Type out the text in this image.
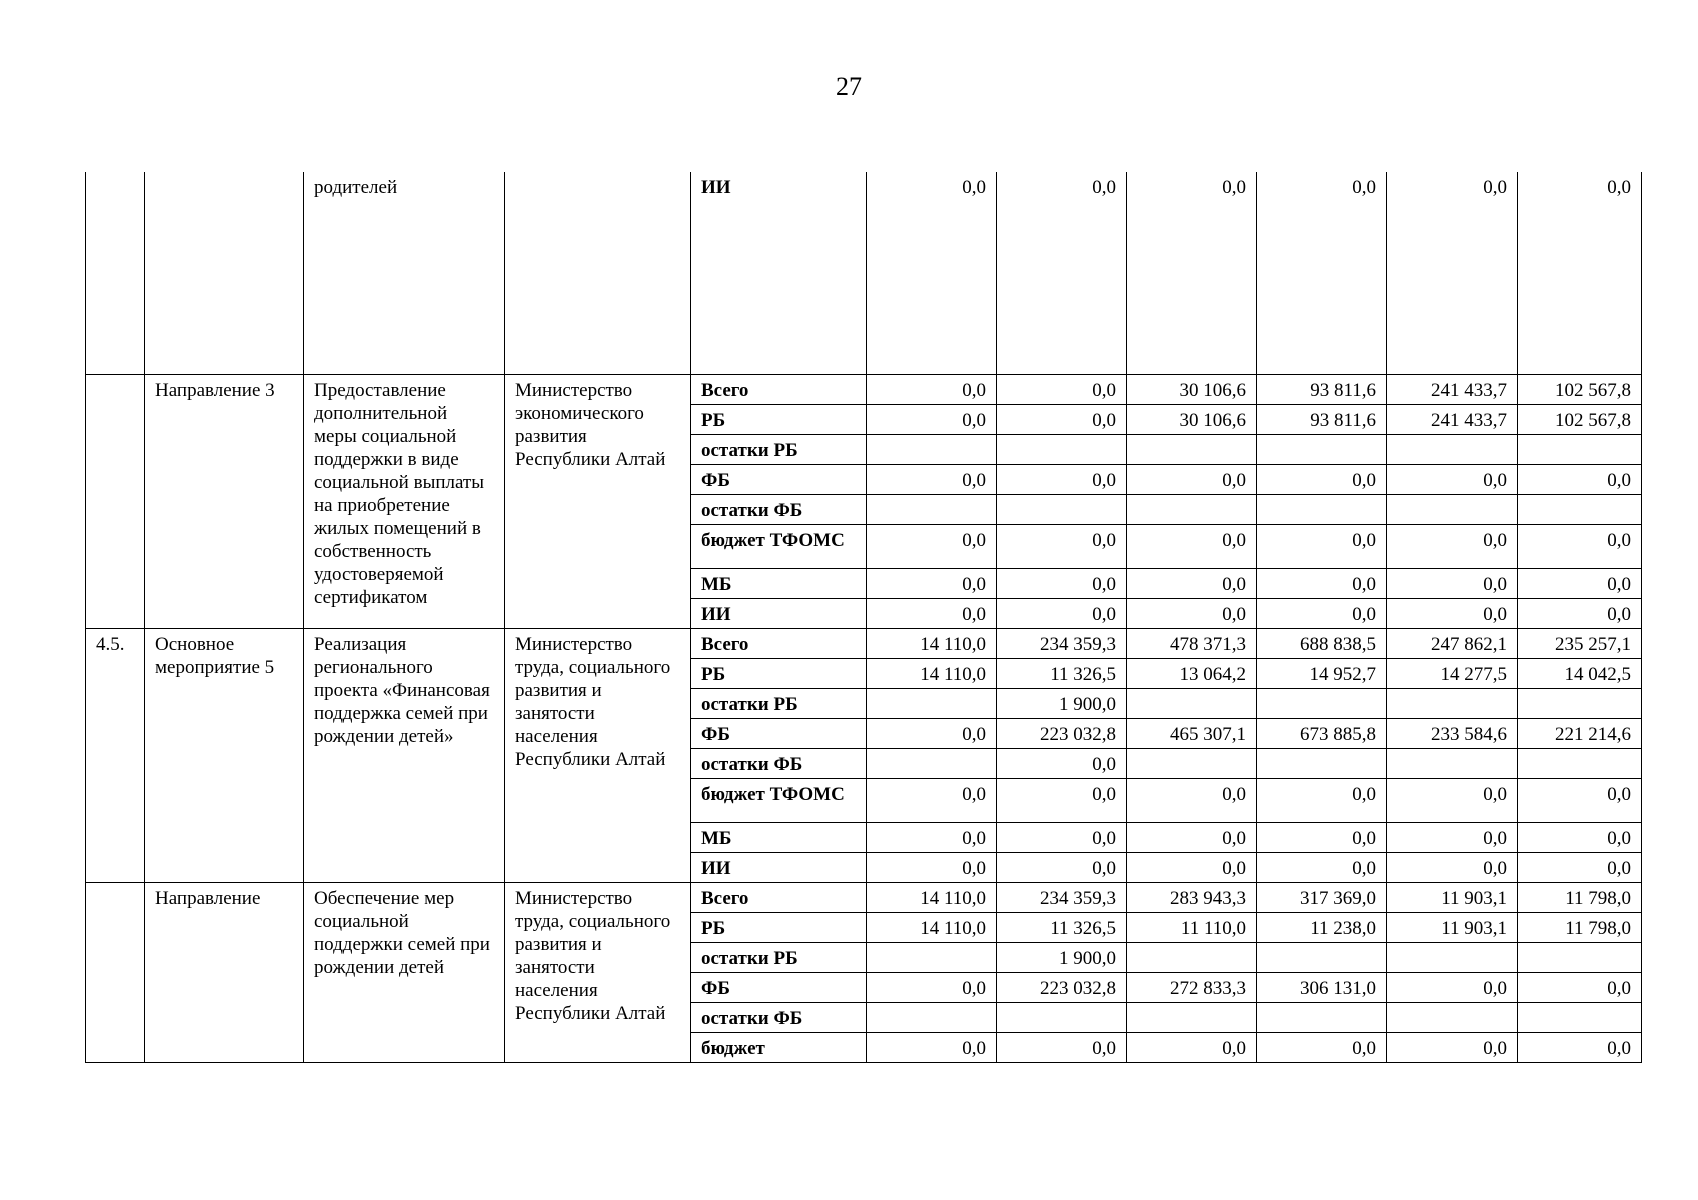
27
		родителей		ИИ	0,0	0,0	0,0	0,0	0,0	0,0
	Направление 3	Предоставление дополнительной меры социальной поддержки в виде социальной выплаты на приобретение жилых помещений в собственность удостоверяемой сертификатом	Министерство экономического развития Республики Алтай	Всего	0,0	0,0	30 106,6	93 811,6	241 433,7	102 567,8
				РБ	0,0	0,0	30 106,6	93 811,6	241 433,7	102 567,8
				остатки РБ						
				ФБ	0,0	0,0	0,0	0,0	0,0	0,0
				остатки ФБ						
				бюджет ТФОМС	0,0	0,0	0,0	0,0	0,0	0,0
				МБ	0,0	0,0	0,0	0,0	0,0	0,0
				ИИ	0,0	0,0	0,0	0,0	0,0	0,0
4.5.	Основное мероприятие 5	Реализация регионального проекта «Финансовая поддержка семей при рождении детей»	Министерство труда, социального развития и занятости населения Республики Алтай	Всего	14 110,0	234 359,3	478 371,3	688 838,5	247 862,1	235 257,1
				РБ	14 110,0	11 326,5	13 064,2	14 952,7	14 277,5	14 042,5
				остатки РБ		1 900,0				
				ФБ	0,0	223 032,8	465 307,1	673 885,8	233 584,6	221 214,6
				остатки ФБ		0,0				
				бюджет ТФОМС	0,0	0,0	0,0	0,0	0,0	0,0
				МБ	0,0	0,0	0,0	0,0	0,0	0,0
				ИИ	0,0	0,0	0,0	0,0	0,0	0,0
	Направление	Обеспечение мер социальной поддержки семей при рождении детей	Министерство труда, социального развития и занятости населения Республики Алтай	Всего	14 110,0	234 359,3	283 943,3	317 369,0	11 903,1	11 798,0
				РБ	14 110,0	11 326,5	11 110,0	11 238,0	11 903,1	11 798,0
				остатки РБ		1 900,0				
				ФБ	0,0	223 032,8	272 833,3	306 131,0	0,0	0,0
				остатки ФБ						
				бюджет	0,0	0,0	0,0	0,0	0,0	0,0
